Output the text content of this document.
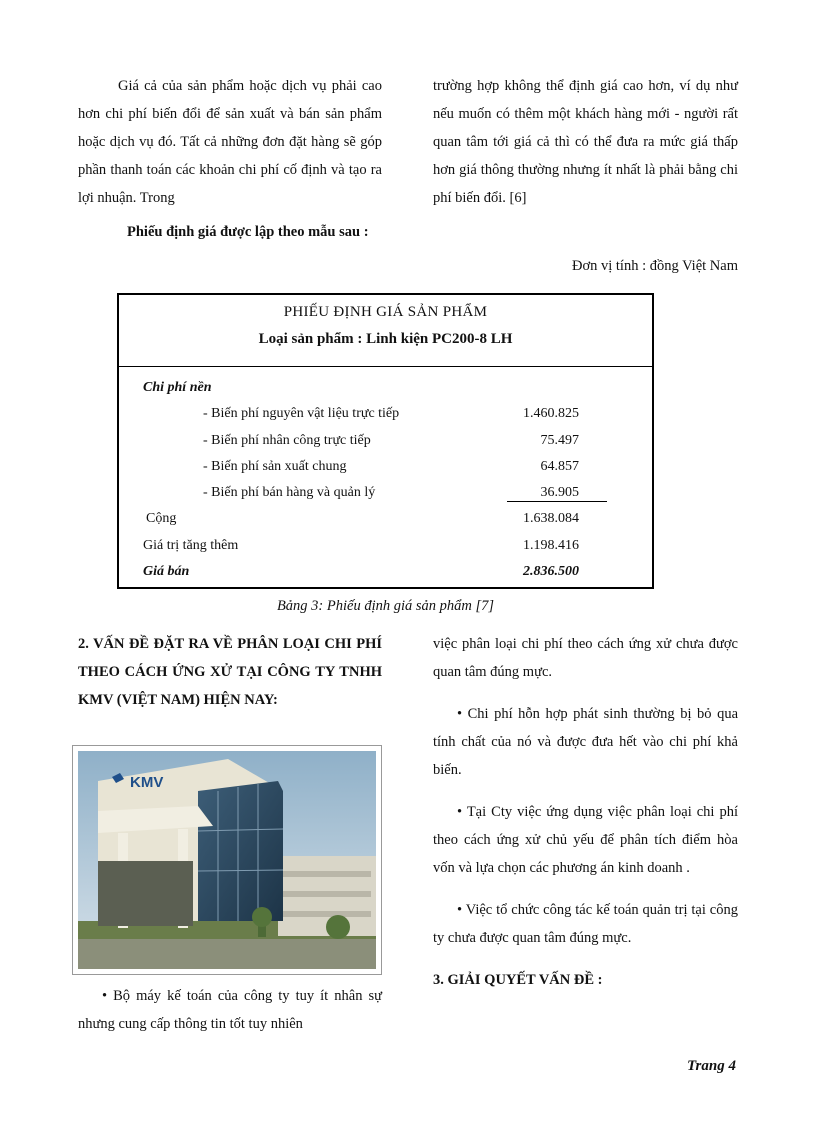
Giá cả của sản phẩm hoặc dịch vụ phải cao hơn chi phí biến đổi để sản xuất và bán sản phẩm hoặc dịch vụ đó. Tất cả những đơn đặt hàng sẽ góp phần thanh toán các khoản chi phí cố định và tạo ra lợi nhuận. Trong

trường hợp không thể định giá cao hơn, ví dụ như nếu muốn có thêm một khách hàng mới - người rất quan tâm tới giá cả thì có thể đưa ra mức giá thấp hơn giá thông thường nhưng ít nhất là phải bằng chi phí biến đổi. [6]

Phiếu định giá được lập theo mẫu sau :
Đơn vị tính : đồng Việt Nam
PHIẾU ĐỊNH GIÁ SẢN PHẨM
Loại sản phẩm : Linh kiện PC200-8 LH
Chi phí nền
- Biến phí nguyên vật liệu trực tiếp	1.460.825
- Biến phí nhân công trực tiếp	75.497
- Biến phí sản xuất chung	64.857
- Biến phí bán hàng và quản lý	36.905
Cộng	1.638.084
Giá trị tăng thêm	1.198.416
Giá bán	2.836.500
Bảng 3: Phiếu định giá sản phẩm [7]
2. VẤN ĐỀ ĐẶT RA VỀ PHÂN LOẠI CHI PHÍ THEO CÁCH ỨNG XỬ TẠI CÔNG TY TNHH KMV (VIỆT NAM) HIỆN NAY:
KMV

• Bộ máy kế toán của công ty tuy ít nhân sự nhưng cung cấp thông tin tốt tuy nhiên

việc phân loại chi phí theo cách ứng xử chưa được quan tâm đúng mực.

• Chi phí hỗn hợp phát sinh thường bị bỏ qua tính chất của nó và được đưa hết vào chi phí khả biến.

• Tại Cty việc ứng dụng việc phân loại chi phí theo cách ứng xử chủ yếu để phân tích điểm hòa vốn và lựa chọn các phương án kinh doanh .

• Việc tổ chức công tác kế toán quản trị tại công ty chưa được quan tâm đúng mực.

3. GIẢI QUYẾT VẤN ĐỀ :

Trang 4
